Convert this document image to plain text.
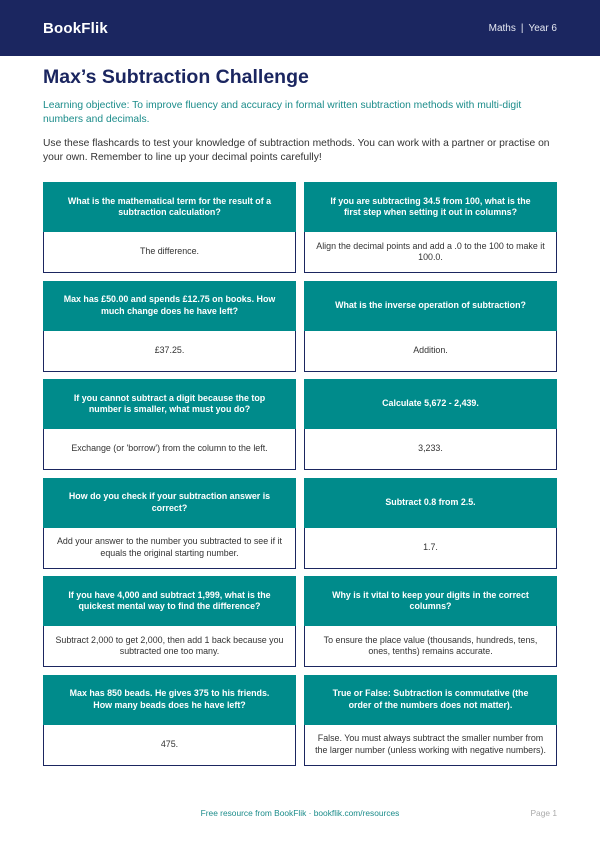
BookFlik	Maths | Year 6
Max’s Subtraction Challenge

Learning objective: To improve fluency and accuracy in formal written subtraction methods with multi-digit numbers and decimals.

Use these flashcards to test your knowledge of subtraction methods. You can work with a partner or practise on your own. Remember to line up your decimal points carefully!

What is the mathematical term for the result of a subtraction calculation?
The difference.
If you are subtracting 34.5 from 100, what is the first step when setting it out in columns?
Align the decimal points and add a .0 to the 100 to make it 100.0.
Max has £50.00 and spends £12.75 on books. How much change does he have left?
£37.25.
What is the inverse operation of subtraction?
Addition.
If you cannot subtract a digit because the top number is smaller, what must you do?
Exchange (or 'borrow') from the column to the left.
Calculate 5,672 - 2,439.
3,233.
How do you check if your subtraction answer is correct?
Add your answer to the number you subtracted to see if it equals the original starting number.
Subtract 0.8 from 2.5.
1.7.
If you have 4,000 and subtract 1,999, what is the quickest mental way to find the difference?
Subtract 2,000 to get 2,000, then add 1 back because you subtracted one too many.
Why is it vital to keep your digits in the correct columns?
To ensure the place value (thousands, hundreds, tens, ones, tenths) remains accurate.
Max has 850 beads. He gives 375 to his friends. How many beads does he have left?
475.
True or False: Subtraction is commutative (the order of the numbers does not matter).
False. You must always subtract the smaller number from the larger number (unless working with negative numbers).
Free resource from BookFlik · bookflik.com/resources	Page 1
